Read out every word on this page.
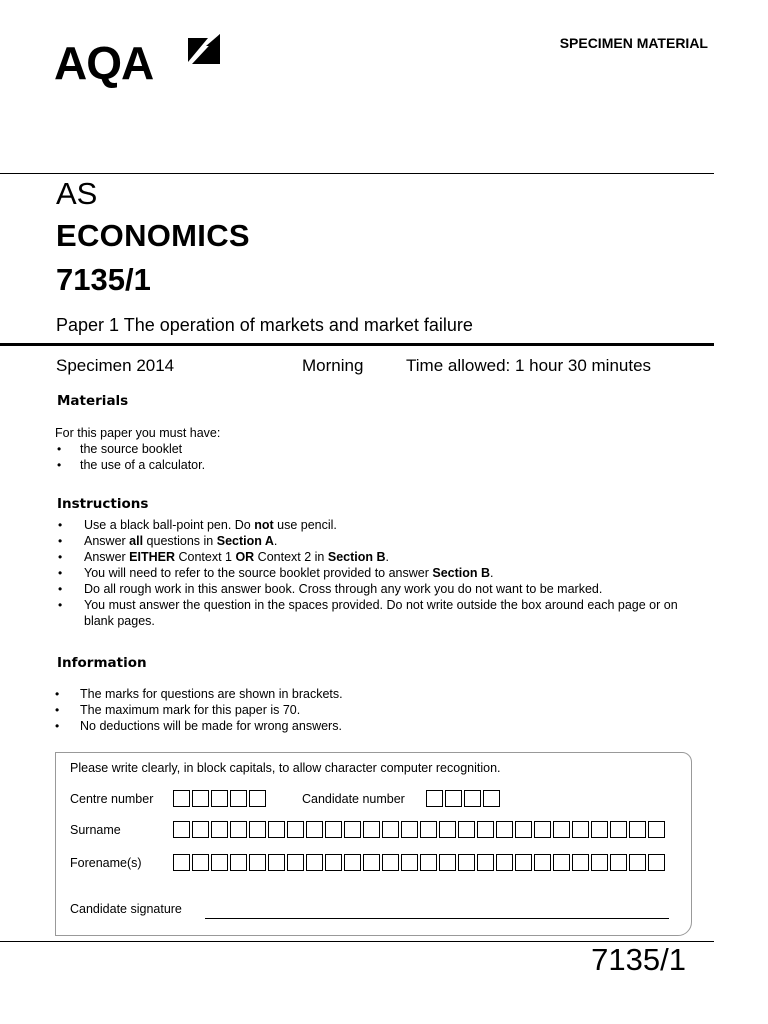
AQA	SPECIMEN MATERIAL
AS
ECONOMICS
7135/1
Paper 1 The operation of markets and market failure
Specimen 2014	Morning	Time allowed: 1 hour 30 minutes
Materials
For this paper you must have:
• the source booklet
• the use of a calculator.
Instructions
• Use a black ball-point pen. Do not use pencil.
• Answer all questions in Section A.
• Answer EITHER Context 1 OR Context 2 in Section B.
• You will need to refer to the source booklet provided to answer Section B.
• Do all rough work in this answer book. Cross through any work you do not want to be marked.
• You must answer the question in the spaces provided. Do not write outside the box around each page or on blank pages.
Information
• The marks for questions are shown in brackets.
• The maximum mark for this paper is 70.
• No deductions will be made for wrong answers.
Please write clearly, in block capitals, to allow character computer recognition.
Centre number	Candidate number
Surname
Forename(s)
Candidate signature
7135/1
